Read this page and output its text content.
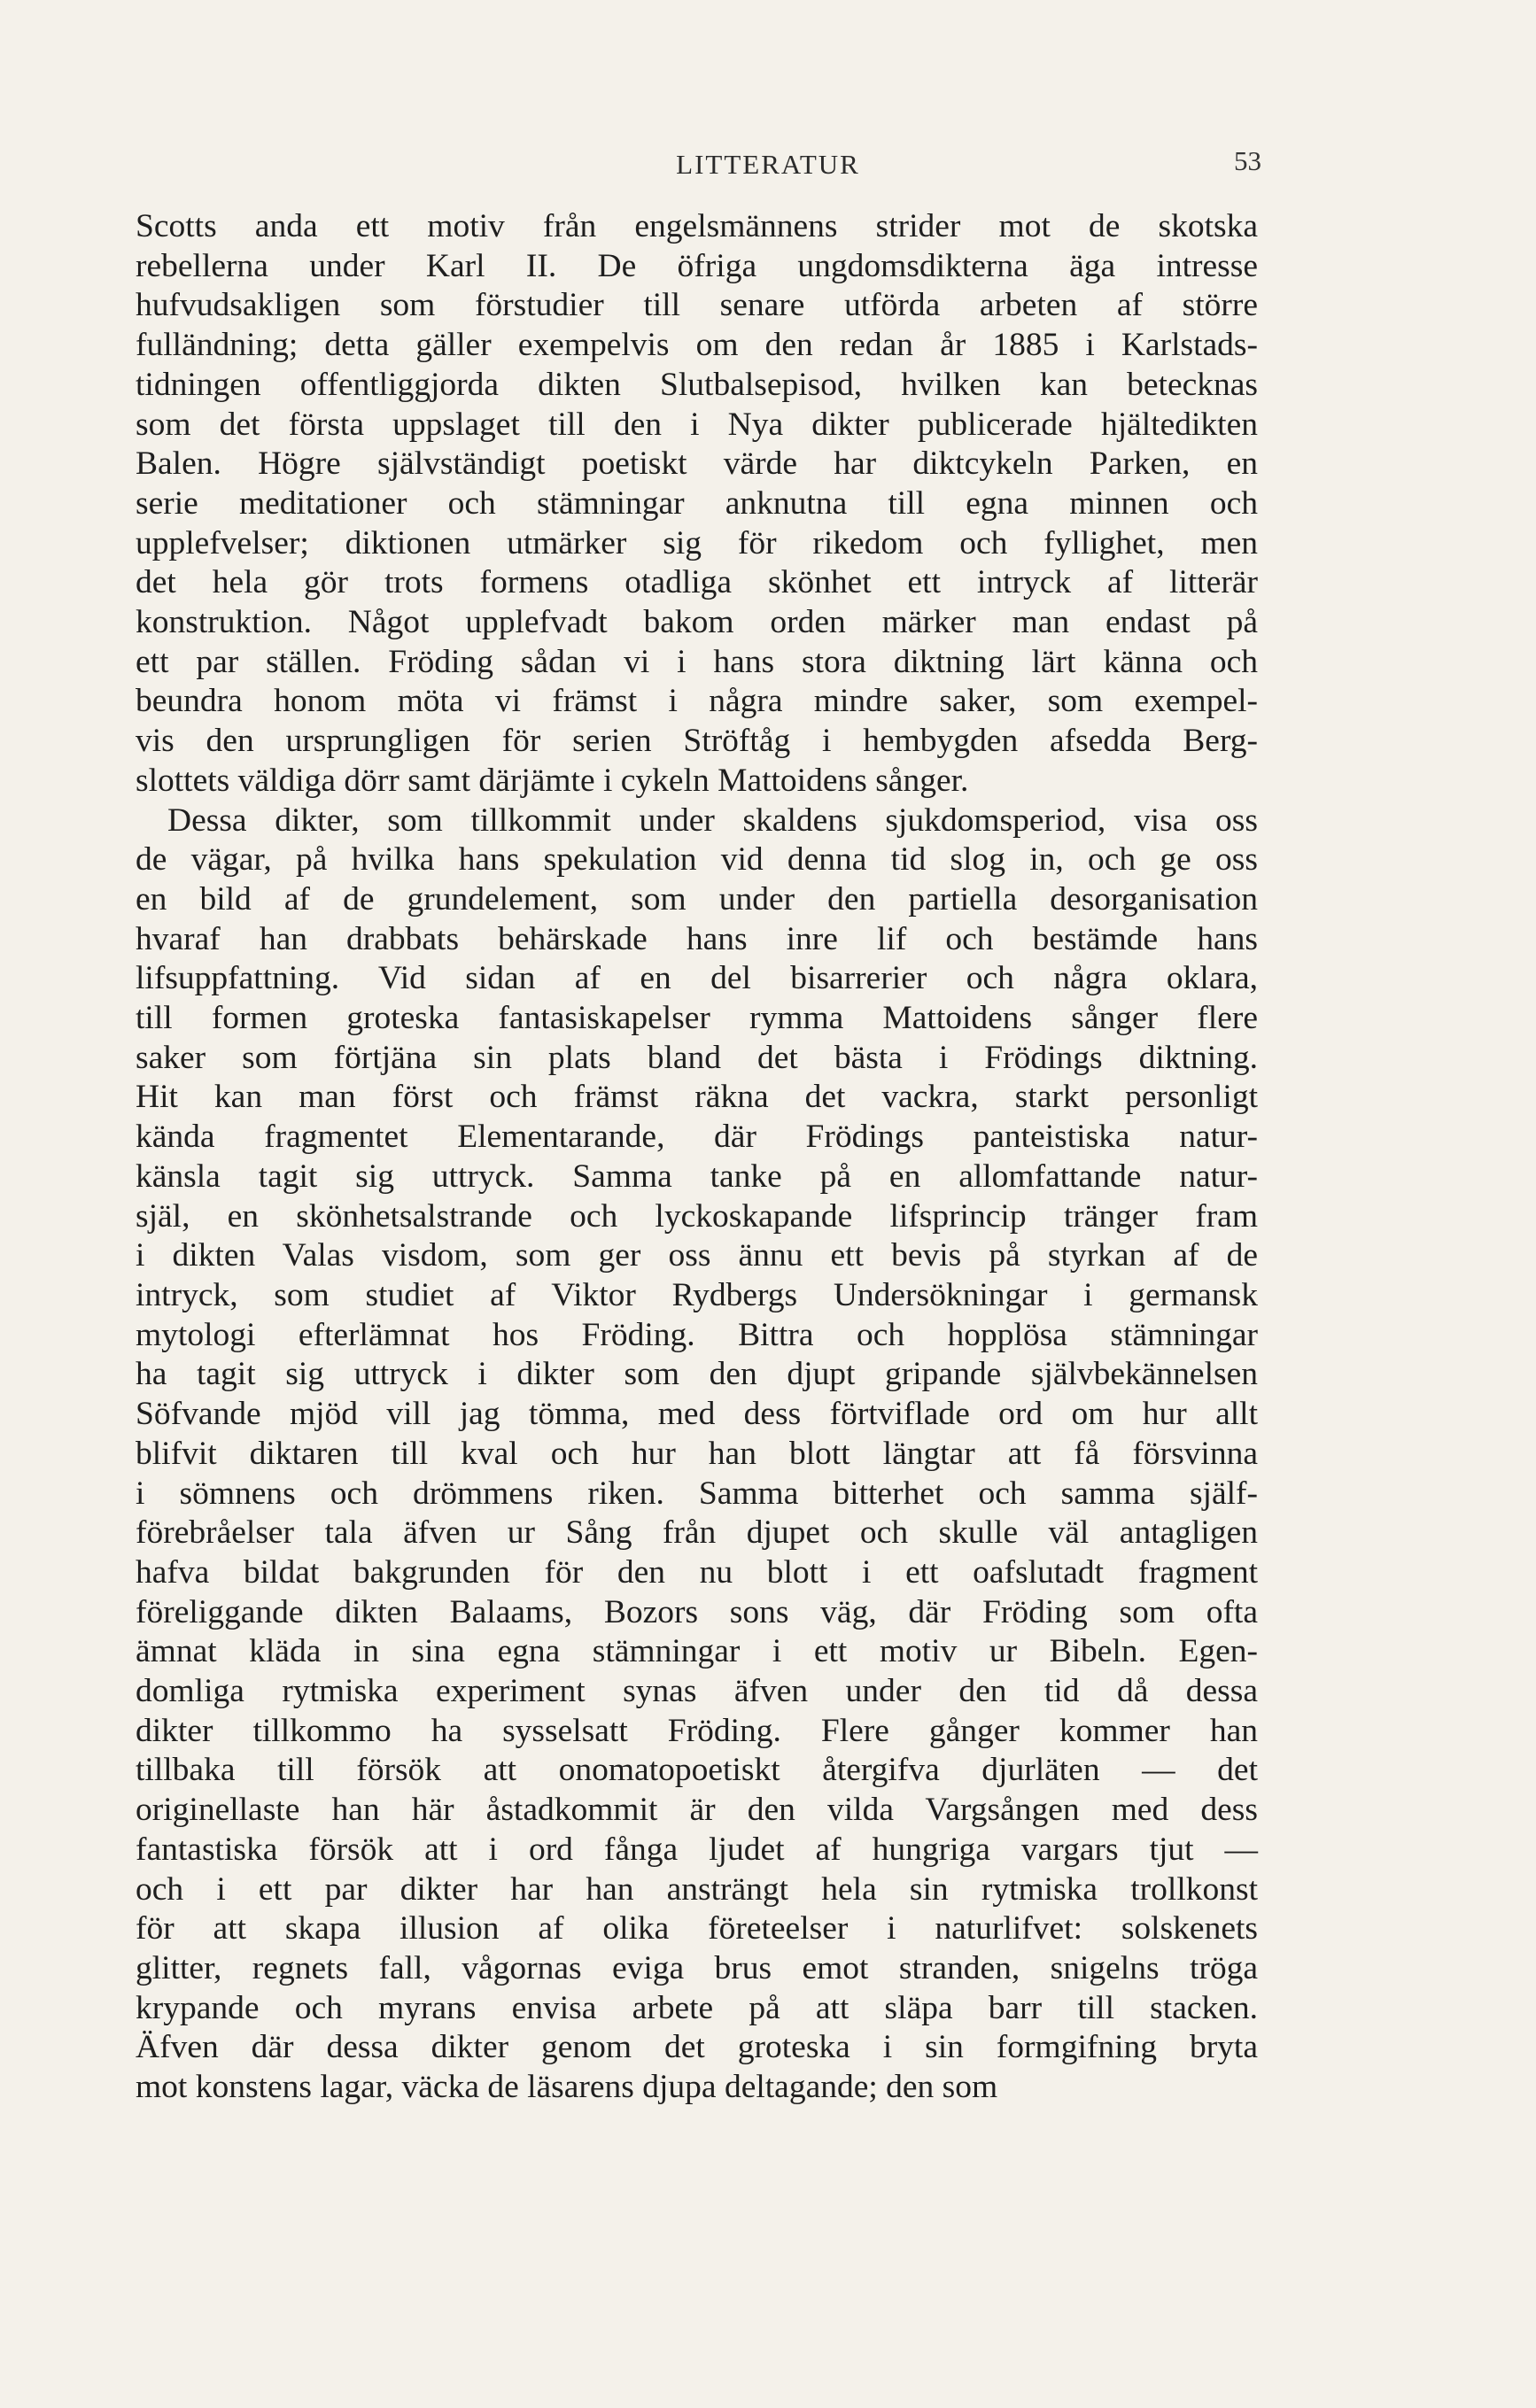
LITTERATUR	53
Scotts anda ett motiv från engelsmännens strider mot de skotska
rebellerna under Karl II. De öfriga ungdomsdikterna äga intresse
hufvudsakligen som förstudier till senare utförda arbeten af större
fulländning; detta gäller exempelvis om den redan år 1885 i Karlstads-
tidningen offentliggjorda dikten Slutbalsepisod, hvilken kan betecknas
som det första uppslaget till den i Nya dikter publicerade hjältedikten
Balen. Högre självständigt poetiskt värde har diktcykeln Parken, en
serie meditationer och stämningar anknutna till egna minnen och
upplefvelser; diktionen utmärker sig för rikedom och fyllighet, men
det hela gör trots formens otadliga skönhet ett intryck af litterär
konstruktion. Något upplefvadt bakom orden märker man endast på
ett par ställen. Fröding sådan vi i hans stora diktning lärt känna och
beundra honom möta vi främst i några mindre saker, som exempel-
vis den ursprungligen för serien Ströftåg i hembygden afsedda Berg-
slottets väldiga dörr samt därjämte i cykeln Mattoidens sånger.
Dessa dikter, som tillkommit under skaldens sjukdomsperiod, visa oss
de vägar, på hvilka hans spekulation vid denna tid slog in, och ge oss
en bild af de grundelement, som under den partiella desorganisation
hvaraf han drabbats behärskade hans inre lif och bestämde hans
lifsuppfattning. Vid sidan af en del bisarrerier och några oklara,
till formen groteska fantasiskapelser rymma Mattoidens sånger flere
saker som förtjäna sin plats bland det bästa i Frödings diktning.
Hit kan man först och främst räkna det vackra, starkt personligt
kända fragmentet Elementarande, där Frödings panteistiska natur-
känsla tagit sig uttryck. Samma tanke på en allomfattande natur-
själ, en skönhetsalstrande och lyckoskapande lifsprincip tränger fram
i dikten Valas visdom, som ger oss ännu ett bevis på styrkan af de
intryck, som studiet af Viktor Rydbergs Undersökningar i germansk
mytologi efterlämnat hos Fröding. Bittra och hopplösa stämningar
ha tagit sig uttryck i dikter som den djupt gripande självbekännelsen
Söfvande mjöd vill jag tömma, med dess förtviflade ord om hur allt
blifvit diktaren till kval och hur han blott längtar att få försvinna
i sömnens och drömmens riken. Samma bitterhet och samma själf-
förebråelser tala äfven ur Sång från djupet och skulle väl antagligen
hafva bildat bakgrunden för den nu blott i ett oafslutadt fragment
föreliggande dikten Balaams, Bozors sons väg, där Fröding som ofta
ämnat kläda in sina egna stämningar i ett motiv ur Bibeln. Egen-
domliga rytmiska experiment synas äfven under den tid då dessa
dikter tillkommo ha sysselsatt Fröding. Flere gånger kommer han
tillbaka till försök att onomatopoetiskt återgifva djurläten — det
originellaste han här åstadkommit är den vilda Vargsången med dess
fantastiska försök att i ord fånga ljudet af hungriga vargars tjut —
och i ett par dikter har han ansträngt hela sin rytmiska trollkonst
för att skapa illusion af olika företeelser i naturlifvet: solskenets
glitter, regnets fall, vågornas eviga brus emot stranden, snigelns tröga
krypande och myrans envisa arbete på att släpa barr till stacken.
Äfven där dessa dikter genom det groteska i sin formgifning bryta
mot konstens lagar, väcka de läsarens djupa deltagande; den som
